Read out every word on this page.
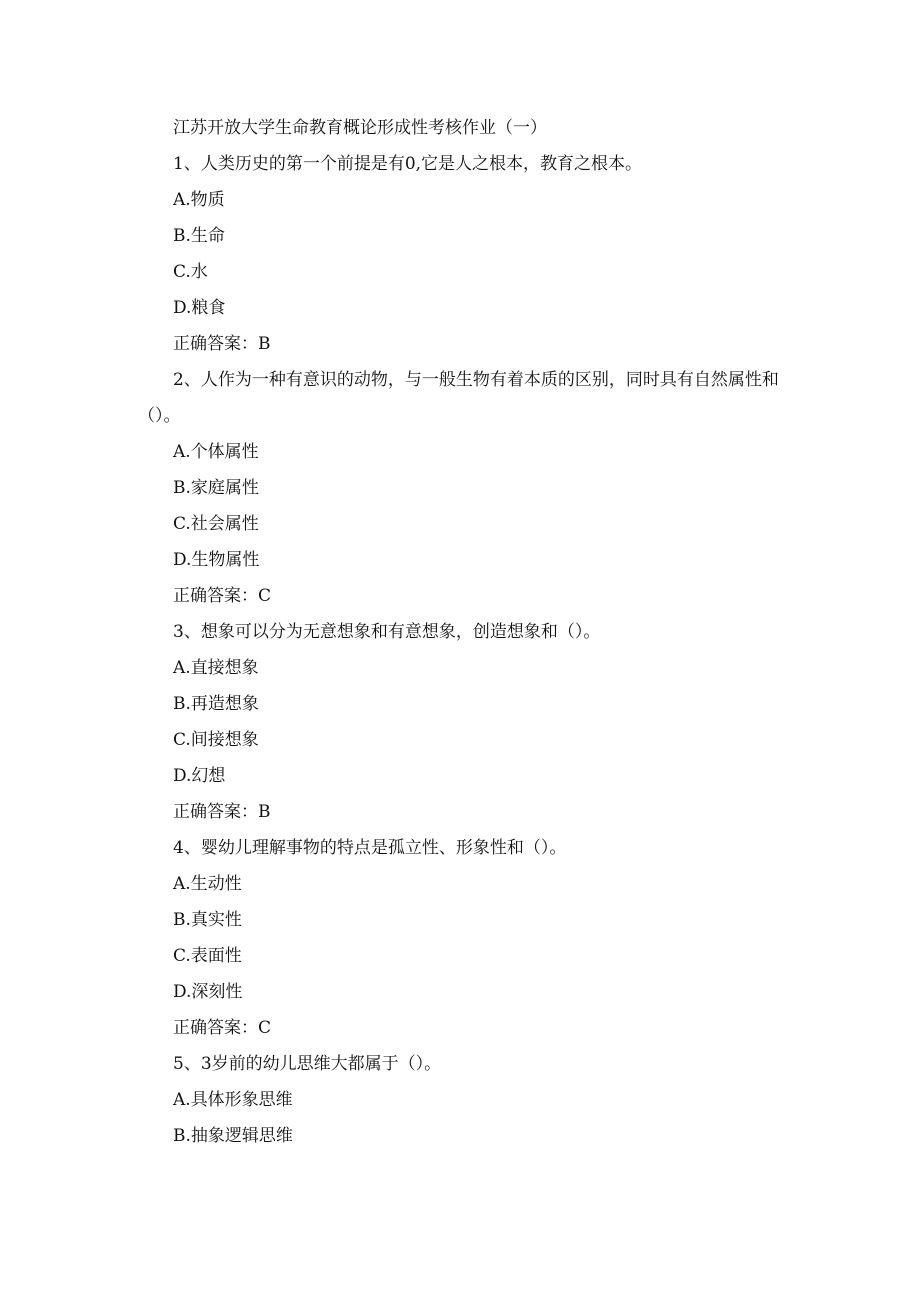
江苏开放大学生命教育概论形成性考核作业（一）

1、人类历史的第一个前提是有0,它是人之根本，教育之根本。

A.物质

B.生命

C.水

D.粮食

正确答案：B

2、人作为一种有意识的动物，与一般生物有着本质的区别，同时具有自然属性和（）。

A.个体属性

B.家庭属性

C.社会属性

D.生物属性

正确答案：C

3、想象可以分为无意想象和有意想象，创造想象和（）。

A.直接想象

B.再造想象

C.间接想象

D.幻想

正确答案：B

4、婴幼儿理解事物的特点是孤立性、形象性和（）。

A.生动性

B.真实性

C.表面性

D.深刻性

正确答案：C

5、3岁前的幼儿思维大都属于（）。

A.具体形象思维

B.抽象逻辑思维
